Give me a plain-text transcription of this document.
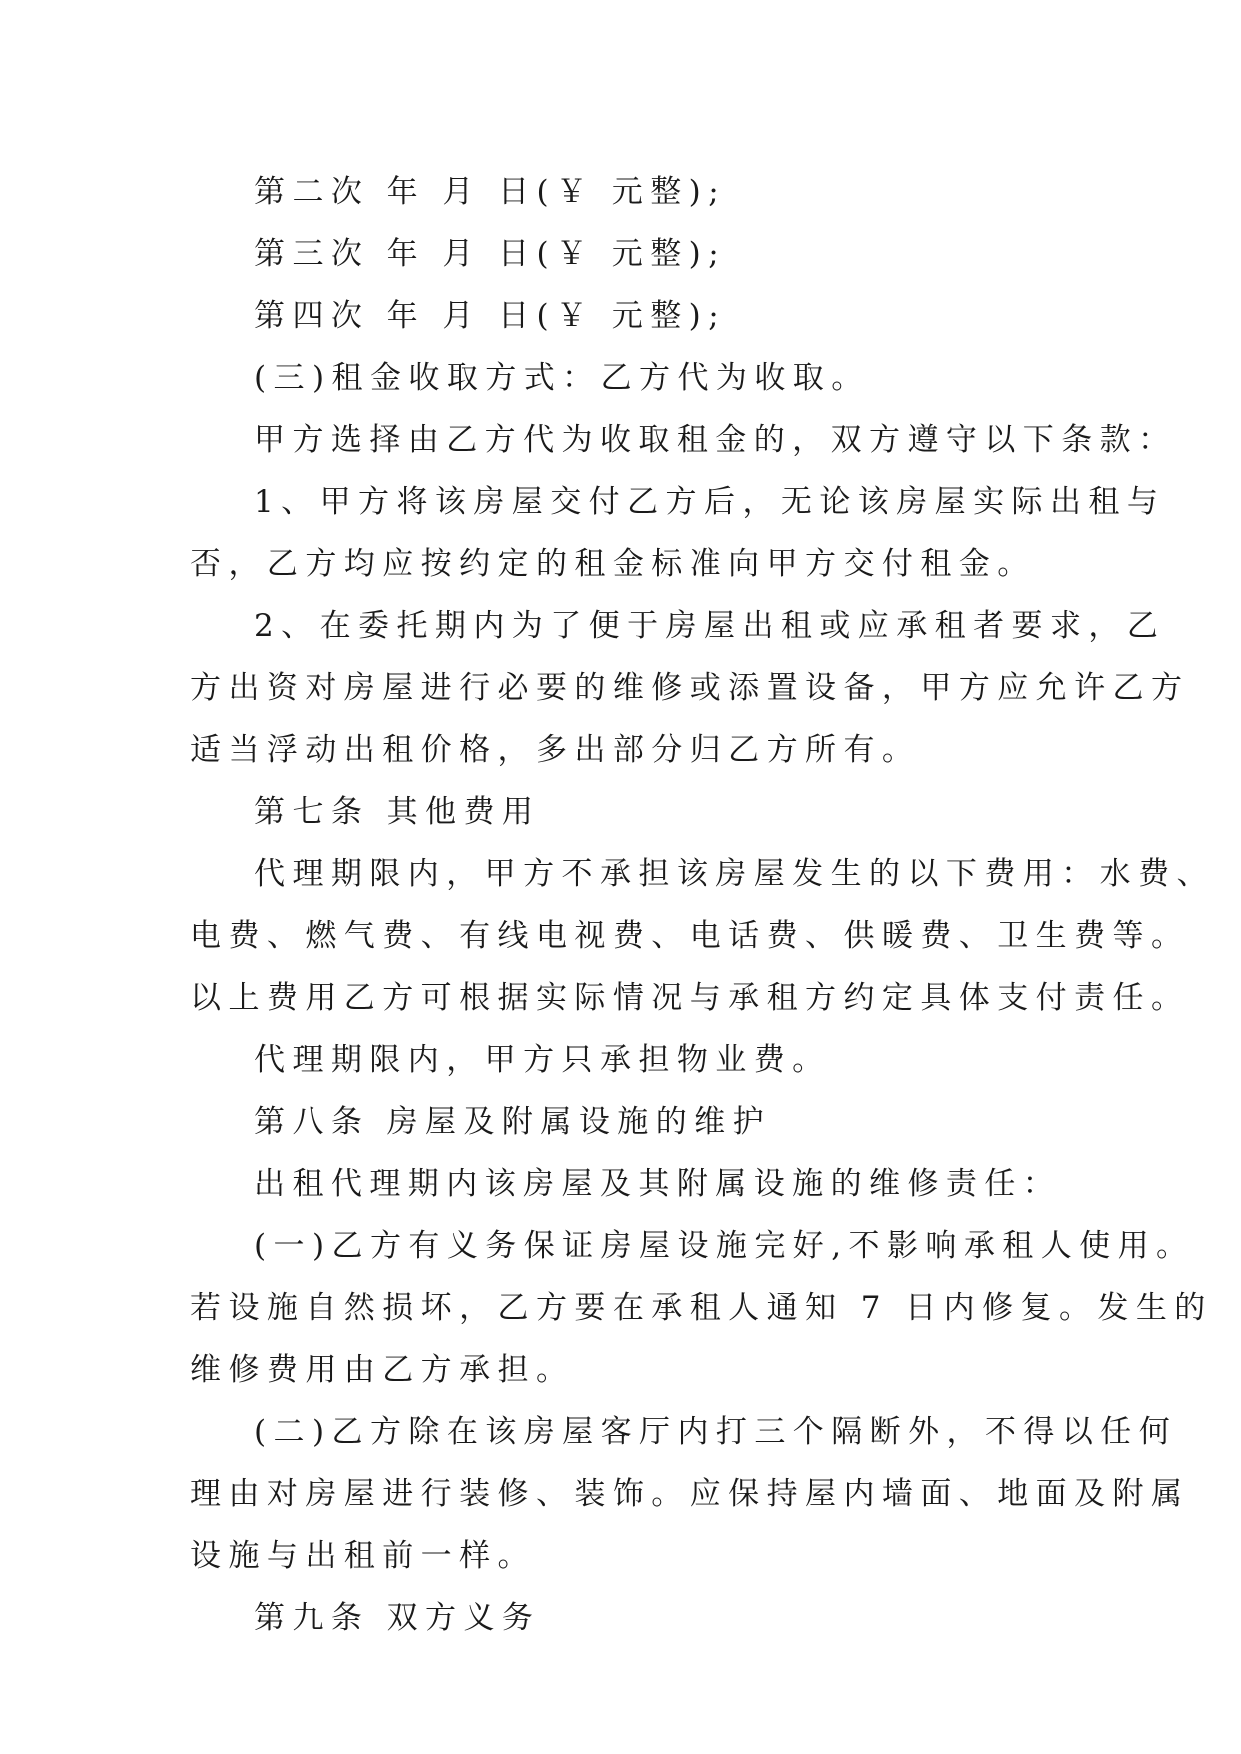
第二次 年 月 日(￥ 元整);
第三次 年 月 日(￥ 元整);
第四次 年 月 日(￥ 元整);
(三)租金收取方式：乙方代为收取。
甲方选择由乙方代为收取租金的，双方遵守以下条款：
1、甲方将该房屋交付乙方后，无论该房屋实际出租与
否，乙方均应按约定的租金标准向甲方交付租金。
2、在委托期内为了便于房屋出租或应承租者要求，乙
方出资对房屋进行必要的维修或添置设备，甲方应允许乙方
适当浮动出租价格，多出部分归乙方所有。
第七条 其他费用
代理期限内，甲方不承担该房屋发生的以下费用：水费、
电费、燃气费、有线电视费、电话费、供暖费、卫生费等。
以上费用乙方可根据实际情况与承租方约定具体支付责任。
代理期限内，甲方只承担物业费。
第八条 房屋及附属设施的维护
出租代理期内该房屋及其附属设施的维修责任：
(一)乙方有义务保证房屋设施完好,不影响承租人使用。
若设施自然损坏，乙方要在承租人通知 7 日内修复。发生的
维修费用由乙方承担。
(二)乙方除在该房屋客厅内打三个隔断外，不得以任何
理由对房屋进行装修、装饰。应保持屋内墙面、地面及附属
设施与出租前一样。
第九条 双方义务
